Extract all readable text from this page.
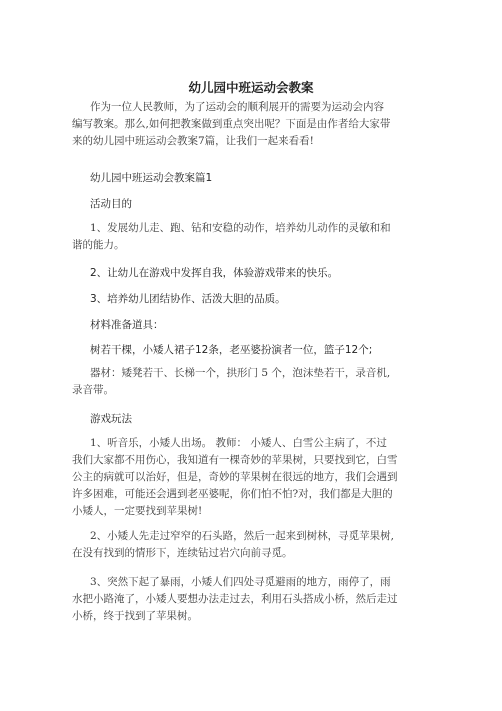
幼儿园中班运动会教案
作为一位人民教师，为了运动会的顺利展开的需要为运动会内容
编写教案。那么,如何把教案做到重点突出呢？下面是由作者给大家带
来的幼儿园中班运动会教案7篇，让我们一起来看看!
幼儿园中班运动会教案篇1
活动目的
1、发展幼儿走、跑、钻和安稳的动作，培养幼儿动作的灵敏和和
谐的能力。
2、让幼儿在游戏中发挥自我，体验游戏带来的快乐。
3、培养幼儿团结协作、活泼大胆的品质。
材料准备道具：
树若干棵，小矮人裙子12条，老巫婆扮演者一位，篮子12个;
器材：矮凳若干、长梯一个，拱形门 5 个，泡沫垫若干，录音机,
录音带。
游戏玩法
1、听音乐，小矮人出场。 教师： 小矮人、白雪公主病了，不过
我们大家都不用伤心，我知道有一棵奇妙的苹果树，只要找到它，白雪
公主的病就可以治好，但是，奇妙的苹果树在很远的地方，我们会遇到
许多困难，可能还会遇到老巫婆呢，你们怕不怕?对，我们都是大胆的
小矮人，一定要找到苹果树!
2、小矮人先走过窄窄的石头路，然后一起来到树林，寻觅苹果树,
在没有找到的情形下，连续钻过岩穴向前寻觅。
3、突然下起了暴雨，小矮人们四处寻觅避雨的地方，雨停了，雨
水把小路淹了，小矮人要想办法走过去，利用石头搭成小桥，然后走过
小桥，终于找到了苹果树。
